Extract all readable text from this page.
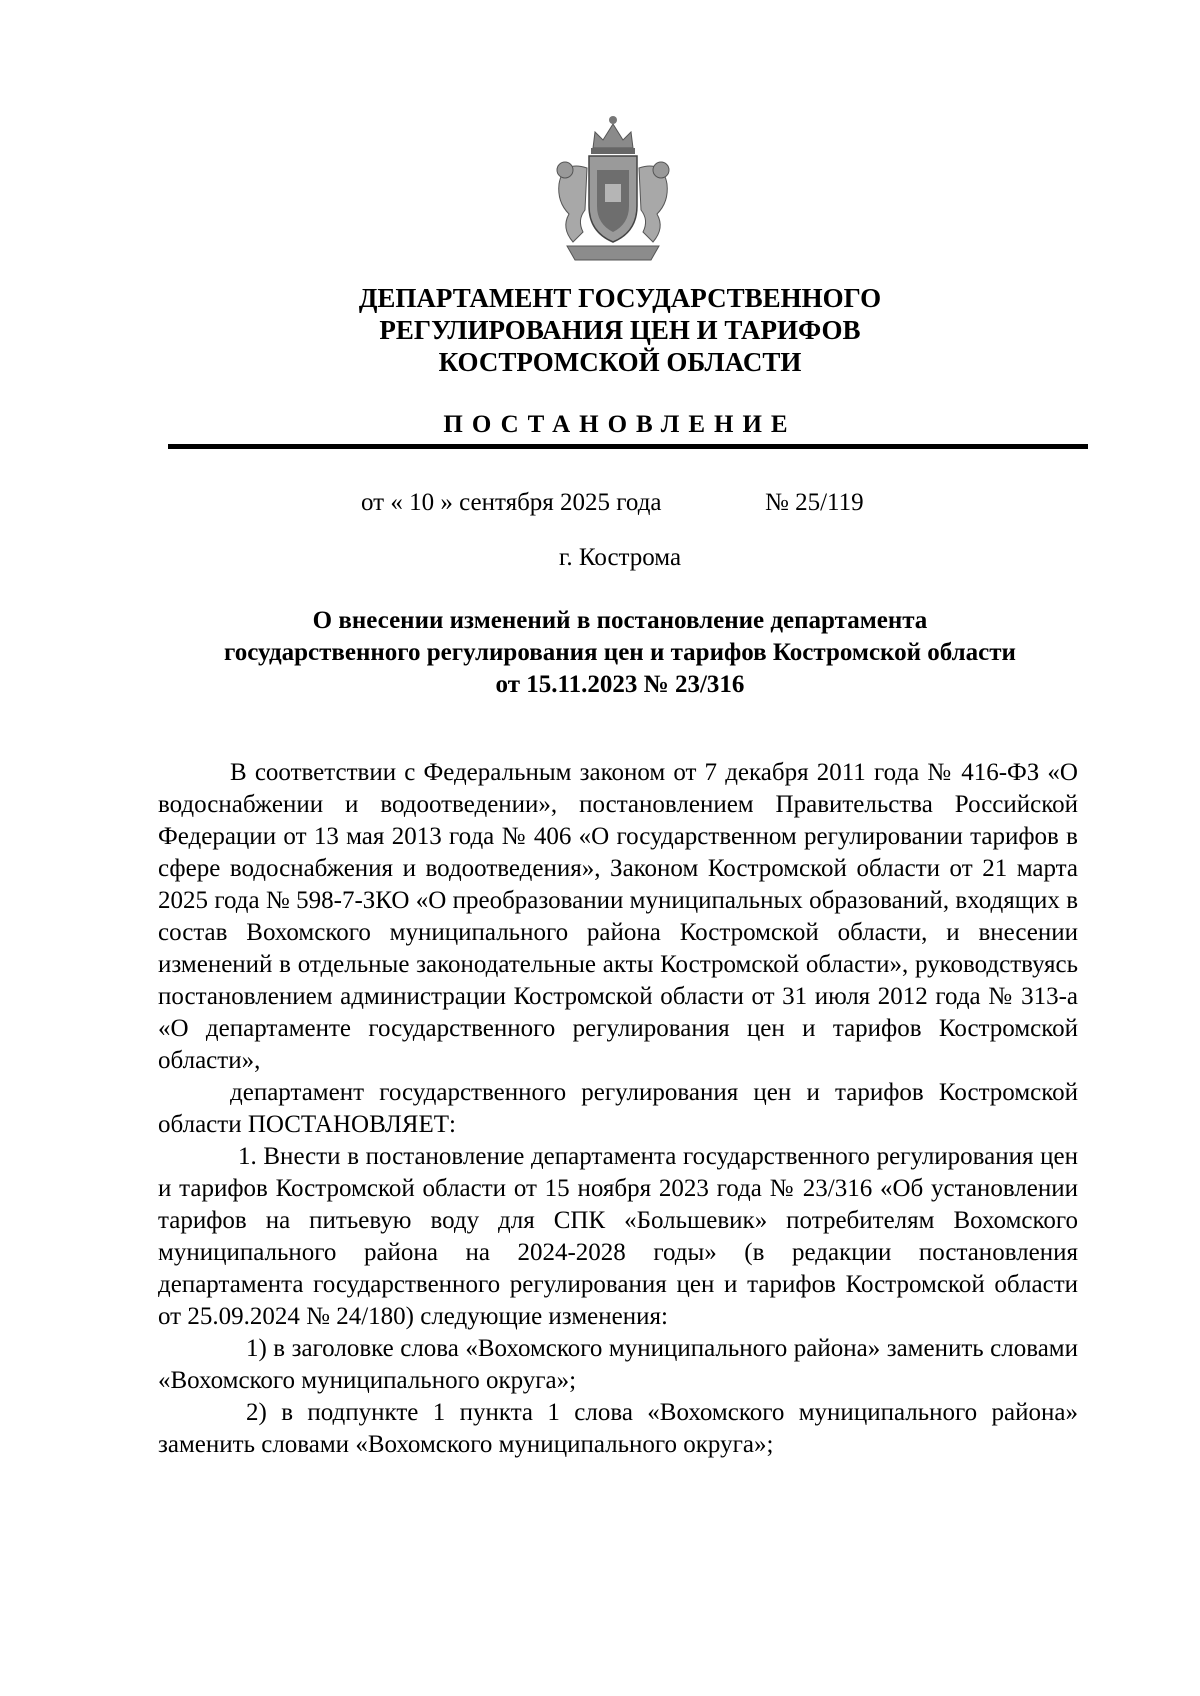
ДЕПАРТАМЕНТ ГОСУДАРСТВЕННОГО
РЕГУЛИРОВАНИЯ ЦЕН И ТАРИФОВ
КОСТРОМСКОЙ ОБЛАСТИ
ПОСТАНОВЛЕНИЕ
от « 10 » сентября 2025 года	№ 25/119
г. Кострома
О внесении изменений в постановление департамента
государственного регулирования цен и тарифов Костромской области
от 15.11.2023 № 23/316

В соответствии с Федеральным законом от 7 декабря 2011 года № 416-ФЗ «О водоснабжении и водоотведении», постановлением Правительства Российской Федерации от 13 мая 2013 года № 406 «О государственном регулировании тарифов в сфере водоснабжения и водоотведения», Законом Костромской области от 21 марта 2025 года № 598-7-ЗКО «О преобразовании муниципальных образований, входящих в состав Вохомского муниципального района Костромской области, и внесении изменений в отдельные законодательные акты Костромской области», руководствуясь постановлением администрации Костромской области от 31 июля 2012 года № 313-а «О департаменте государственного регулирования цен и тарифов Костромской области»,

департамент государственного регулирования цен и тарифов Костромской области ПОСТАНОВЛЯЕТ:

1. Внести в постановление департамента государственного регулирования цен и тарифов Костромской области от 15 ноября 2023 года № 23/316 «Об установлении тарифов на питьевую воду для СПК «Большевик» потребителям Вохомского муниципального района на 2024-2028 годы» (в редакции постановления департамента государственного регулирования цен и тарифов Костромской области от 25.09.2024 № 24/180) следующие изменения:

1) в заголовке слова «Вохомского муниципального района» заменить словами «Вохомского муниципального округа»;

2) в подпункте 1 пункта 1 слова «Вохомского муниципального района» заменить словами «Вохомского муниципального округа»;
